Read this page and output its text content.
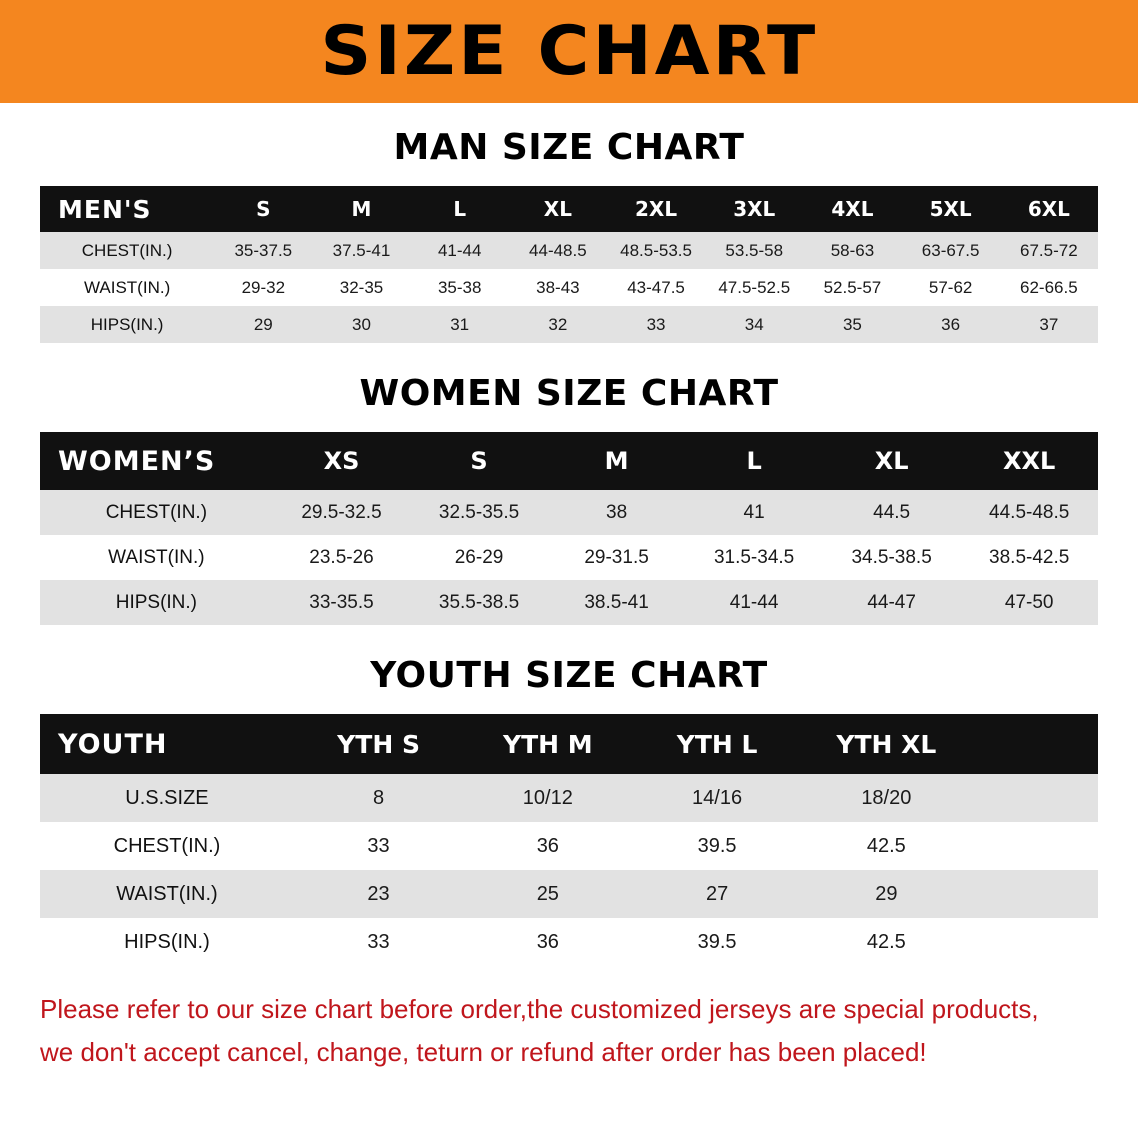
SIZE CHART
MAN SIZE CHART
MEN'S	S	M	L	XL	2XL	3XL	4XL	5XL	6XL
CHEST(IN.)	35-37.5	37.5-41	41-44	44-48.5	48.5-53.5	53.5-58	58-63	63-67.5	67.5-72
WAIST(IN.)	29-32	32-35	35-38	38-43	43-47.5	47.5-52.5	52.5-57	57-62	62-66.5
HIPS(IN.)	29	30	31	32	33	34	35	36	37
WOMEN SIZE CHART
WOMEN’S	XS	S	M	L	XL	XXL
CHEST(IN.)	29.5-32.5	32.5-35.5	38	41	44.5	44.5-48.5
WAIST(IN.)	23.5-26	26-29	29-31.5	31.5-34.5	34.5-38.5	38.5-42.5
HIPS(IN.)	33-35.5	35.5-38.5	38.5-41	41-44	44-47	47-50
YOUTH SIZE CHART
YOUTH	YTH S	YTH M	YTH L	YTH XL	
U.S.SIZE	8	10/12	14/16	18/20	
CHEST(IN.)	33	36	39.5	42.5	
WAIST(IN.)	23	25	27	29	
HIPS(IN.)	33	36	39.5	42.5	
Please refer to our size chart before order,the customized jerseys are special products,
we don't accept cancel, change, teturn or refund after order has been placed!
